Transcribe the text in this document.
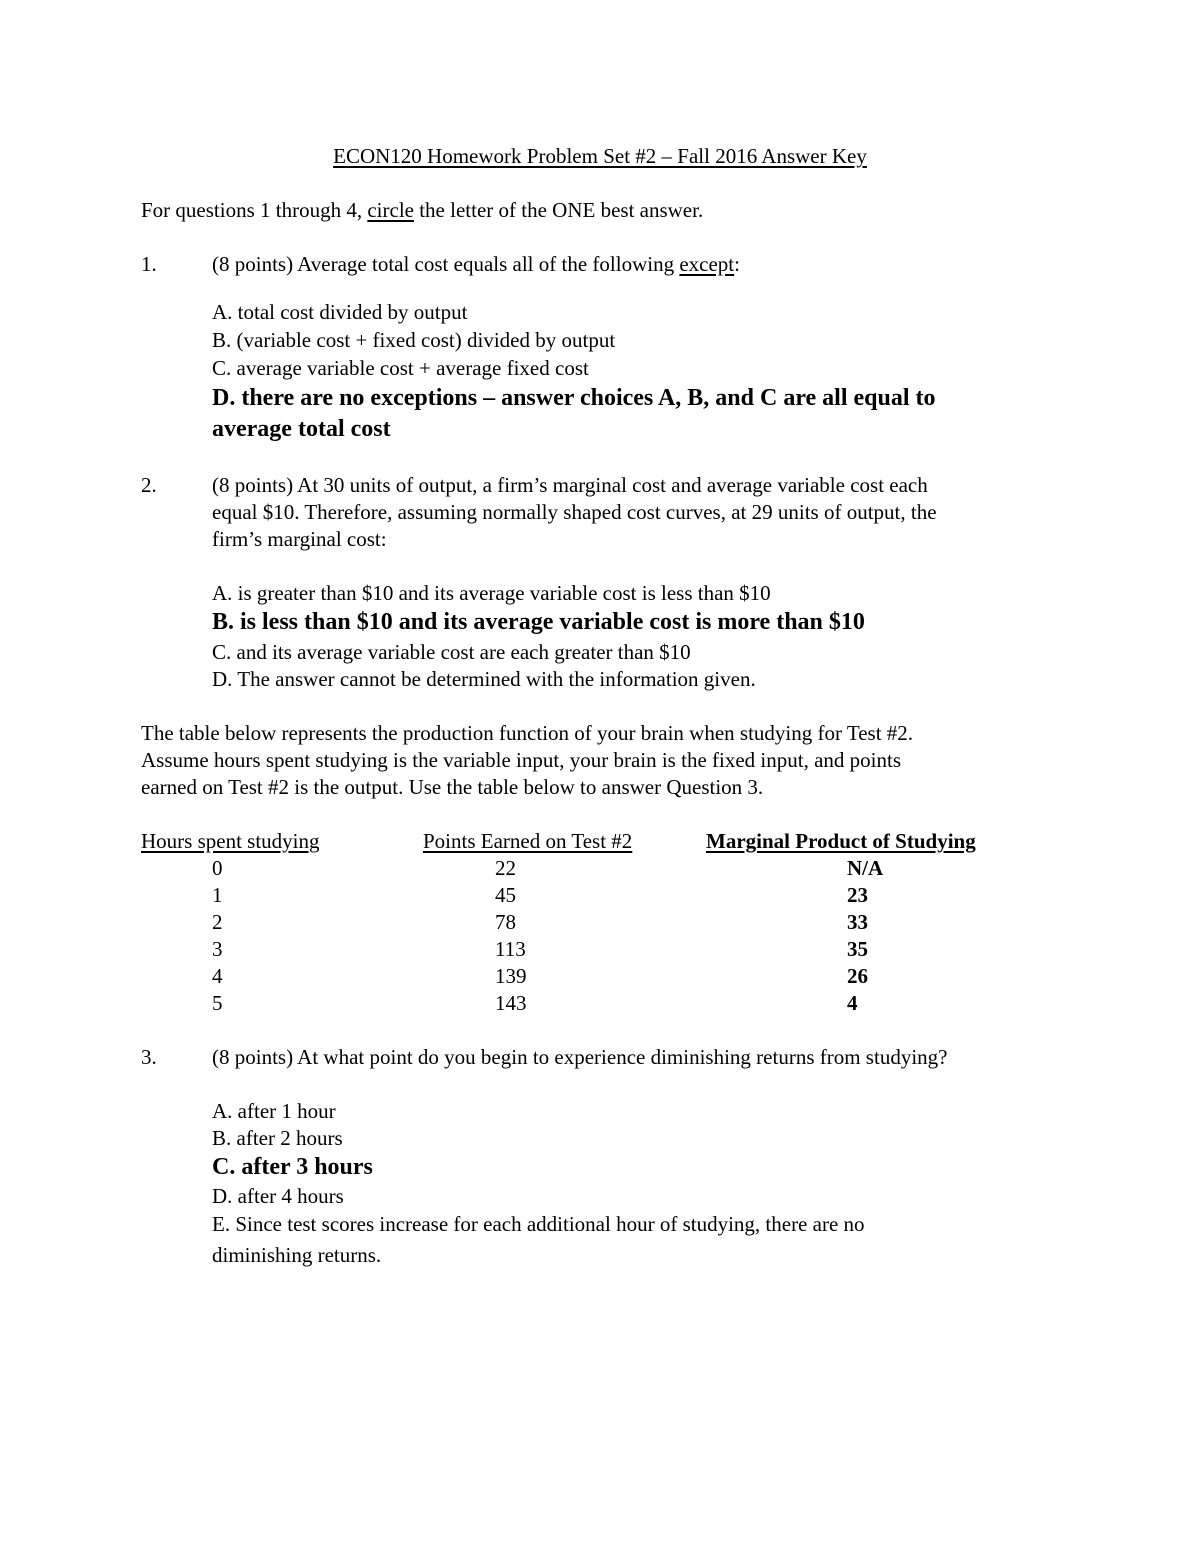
ECON120 Homework Problem Set #2 – Fall 2016 Answer Key
For questions 1 through 4, circle the letter of the ONE best answer.
1.	(8 points) Average total cost equals all of the following except:
A. total cost divided by output
B. (variable cost + fixed cost) divided by output
C. average variable cost + average fixed cost
D. there are no exceptions – answer choices A, B, and C are all equal to
average total cost
2.	(8 points) At 30 units of output, a firm’s marginal cost and average variable cost each
equal $10. Therefore, assuming normally shaped cost curves, at 29 units of output, the
firm’s marginal cost:
A. is greater than $10 and its average variable cost is less than $10
B. is less than $10 and its average variable cost is more than $10
C. and its average variable cost are each greater than $10
D. The answer cannot be determined with the information given.
The table below represents the production function of your brain when studying for Test #2.
Assume hours spent studying is the variable input, your brain is the fixed input, and points
earned on Test #2 is the output. Use the table below to answer Question 3.
Hours spent studying	Points Earned on Test #2	Marginal Product of Studying
0	22	N/A
1	45	23
2	78	33
3	113	35
4	139	26
5	143	4
3.	(8 points) At what point do you begin to experience diminishing returns from studying?
A. after 1 hour
B. after 2 hours
C. after 3 hours
D. after 4 hours
E. Since test scores increase for each additional hour of studying, there are no
diminishing returns.
